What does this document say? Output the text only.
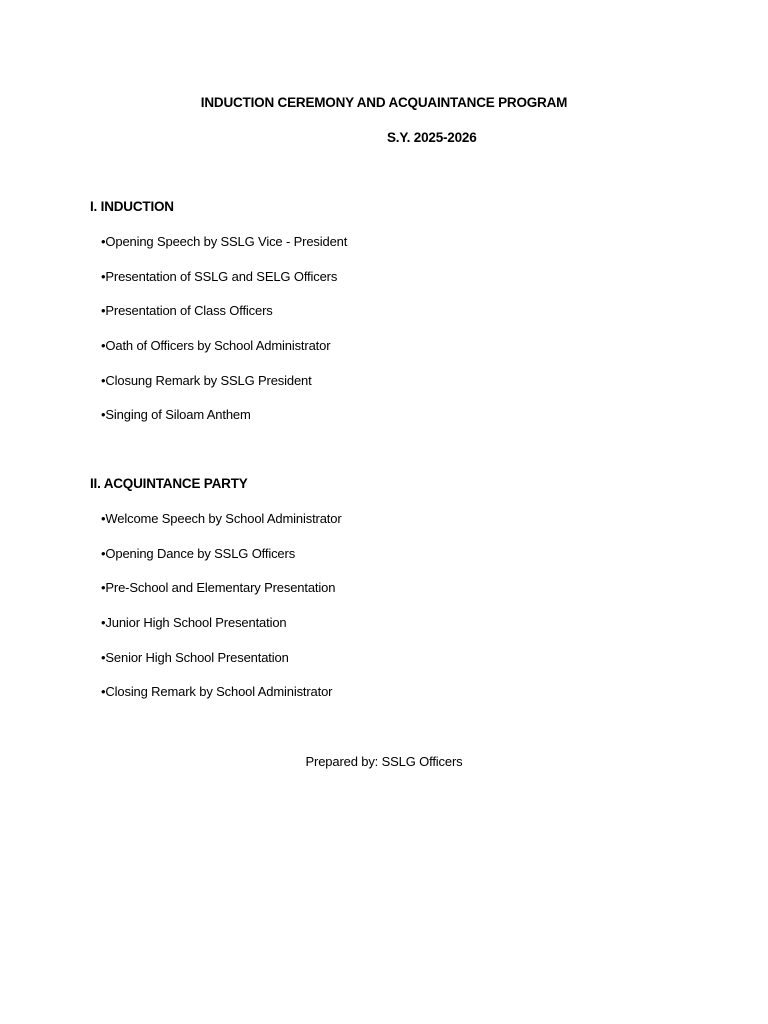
INDUCTION CEREMONY AND ACQUAINTANCE PROGRAM
S.Y. 2025-2026
I. INDUCTION
•Opening Speech by SSLG Vice - President
•Presentation of SSLG and SELG Officers
•Presentation of Class Officers
•Oath of Officers by School Administrator
•Closung Remark by SSLG President
•Singing of Siloam Anthem
II. ACQUINTANCE PARTY
•Welcome Speech by School Administrator
•Opening Dance by SSLG Officers
•Pre-School and Elementary Presentation
•Junior High School Presentation
•Senior High School Presentation
•Closing Remark by School Administrator
Prepared by: SSLG Officers
